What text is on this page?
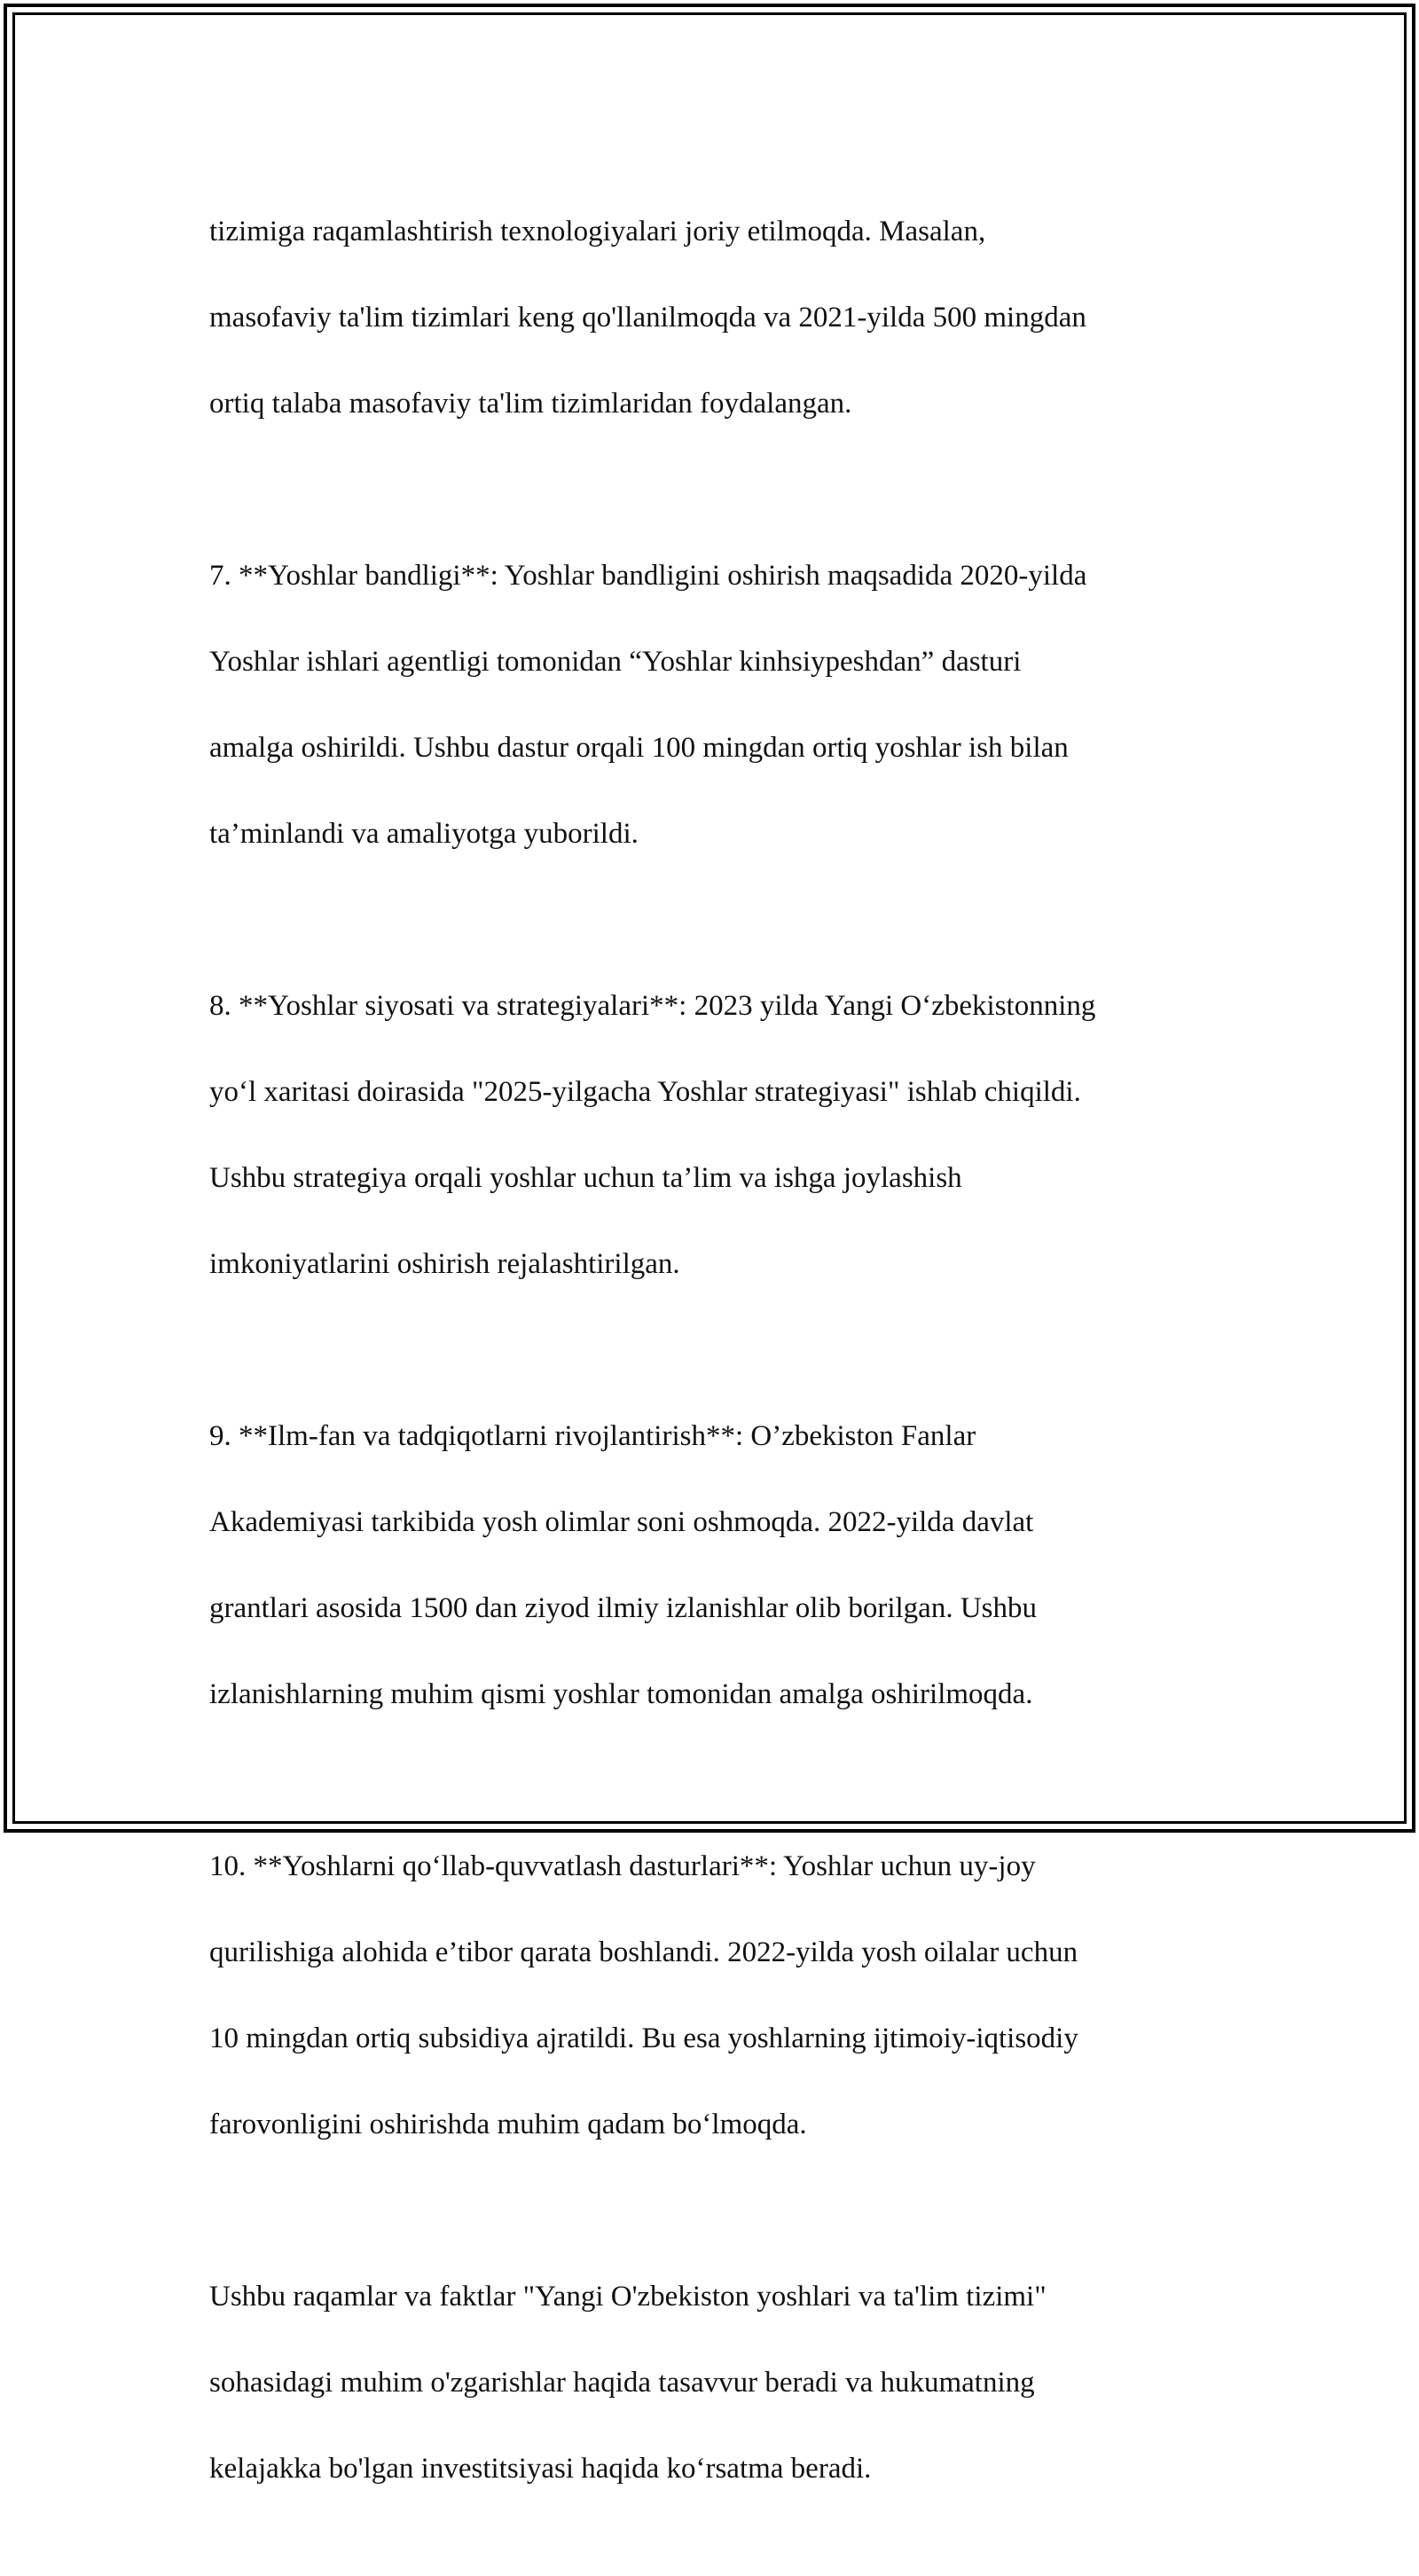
tizimiga raqamlashtirish texnologiyalari joriy etilmoqda. Masalan,

masofaviy ta'lim tizimlari keng qo'llanilmoqda va 2021-yilda 500 mingdan

ortiq talaba masofaviy ta'lim tizimlaridan foydalangan.

7. **Yoshlar bandligi**: Yoshlar bandligini oshirish maqsadida 2020-yilda

Yoshlar ishlari agentligi tomonidan “Yoshlar kinhsiypeshdan” dasturi

amalga oshirildi. Ushbu dastur orqali 100 mingdan ortiq yoshlar ish bilan

ta’minlandi va amaliyotga yuborildi.

8. **Yoshlar siyosati va strategiyalari**: 2023 yilda Yangi O‘zbekistonning

yo‘l xaritasi doirasida "2025-yilgacha Yoshlar strategiyasi" ishlab chiqildi.

Ushbu strategiya orqali yoshlar uchun ta’lim va ishga joylashish

imkoniyatlarini oshirish rejalashtirilgan.

9. **Ilm-fan va tadqiqotlarni rivojlantirish**: O’zbekiston Fanlar

Akademiyasi tarkibida yosh olimlar soni oshmoqda. 2022-yilda davlat

grantlari asosida 1500 dan ziyod ilmiy izlanishlar olib borilgan. Ushbu

izlanishlarning muhim qismi yoshlar tomonidan amalga oshirilmoqda.

10. **Yoshlarni qo‘llab-quvvatlash dasturlari**: Yoshlar uchun uy-joy

qurilishiga alohida e’tibor qarata boshlandi. 2022-yilda yosh oilalar uchun

10 mingdan ortiq subsidiya ajratildi. Bu esa yoshlarning ijtimoiy-iqtisodiy

farovonligini oshirishda muhim qadam bo‘lmoqda.

Ushbu raqamlar va faktlar "Yangi O'zbekiston yoshlari va ta'lim tizimi"

sohasidagi muhim o'zgarishlar haqida tasavvur beradi va hukumatning

kelajakka bo'lgan investitsiyasi haqida ko‘rsatma beradi.
